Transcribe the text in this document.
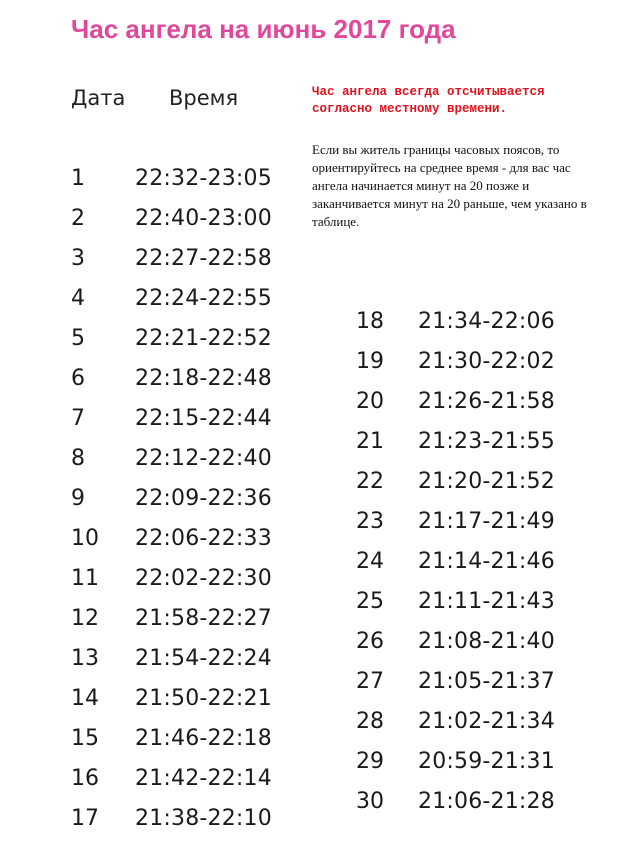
Час ангела на июнь 2017 года
Дата Время	Час ангела всегда отсчитывается согласно местному времени.
Если вы житель границы часовых поясов, то ориентируйтесь на среднее время - для вас час ангела начинается минут на 20 позже и заканчивается минут на 20 раньше, чем указано в таблице.
1 22:32-23:05
2 22:40-23:00
3 22:27-22:58
4 22:24-22:55
5 22:21-22:52
6 22:18-22:48
7 22:15-22:44
8 22:12-22:40
9 22:09-22:36
10 22:06-22:33
11 22:02-22:30
12 21:58-22:27
13 21:54-22:24
14 21:50-22:21
15 21:46-22:18
16 21:42-22:14
17 21:38-22:10
18 21:34-22:06
19 21:30-22:02
20 21:26-21:58
21 21:23-21:55
22 21:20-21:52
23 21:17-21:49
24 21:14-21:46
25 21:11-21:43
26 21:08-21:40
27 21:05-21:37
28 21:02-21:34
29 20:59-21:31
30 21:06-21:28
